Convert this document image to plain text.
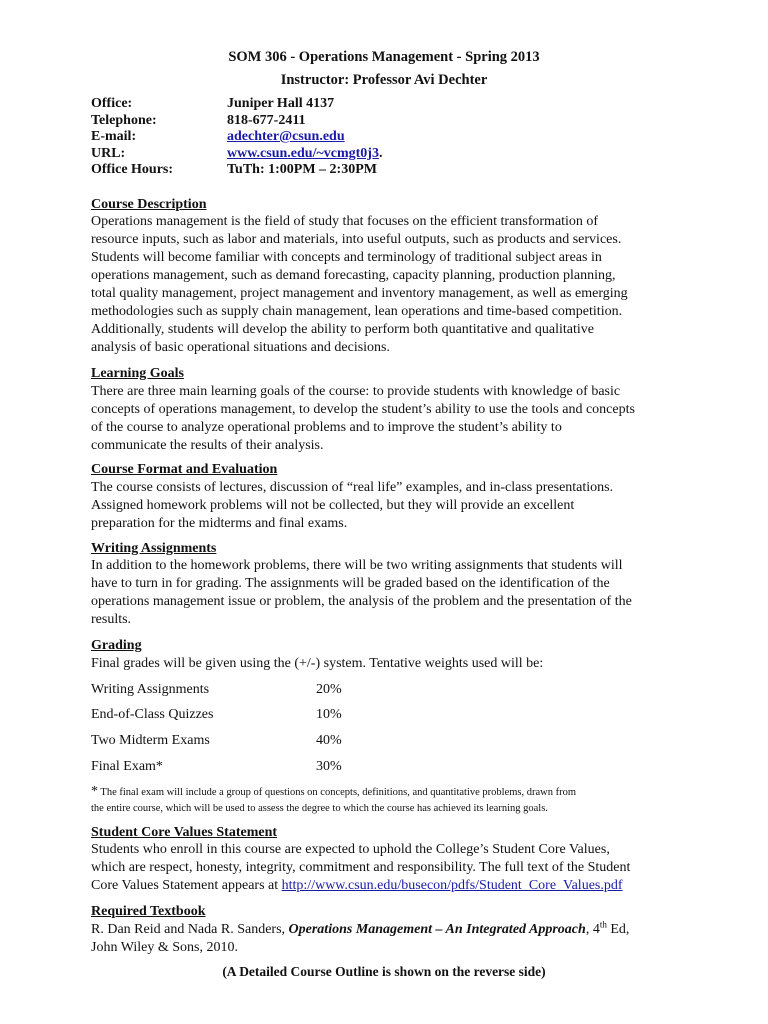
SOM 306 - Operations Management - Spring 2013
Instructor: Professor Avi Dechter
Office:	Juniper Hall 4137
Telephone:	818-677-2411
E-mail:	adechter@csun.edu
URL:	www.csun.edu/~vcmgt0j3.
Office Hours:	TuTh: 1:00PM – 2:30PM
Course Description

Operations management is the field of study that focuses on the efficient transformation of

resource inputs, such as labor and materials, into useful outputs, such as products and services.

Students will become familiar with concepts and terminology of traditional subject areas in

operations management, such as demand forecasting, capacity planning, production planning,

total quality management, project management and inventory management, as well as emerging

methodologies such as supply chain management, lean operations and time-based competition.

Additionally, students will develop the ability to perform both quantitative and qualitative

analysis of basic operational situations and decisions.

Learning Goals

There are three main learning goals of the course: to provide students with knowledge of basic

concepts of operations management, to develop the student’s ability to use the tools and concepts

of the course to analyze operational problems and to improve the student’s ability to

communicate the results of their analysis.

Course Format and Evaluation

The course consists of lectures, discussion of “real life” examples, and in-class presentations.

Assigned homework problems will not be collected, but they will provide an excellent

preparation for the midterms and final exams.

Writing Assignments

In addition to the homework problems, there will be two writing assignments that students will

have to turn in for grading. The assignments will be graded based on the identification of the

operations management issue or problem, the analysis of the problem and the presentation of the

results.

Grading

Final grades will be given using the (+/-) system. Tentative weights used will be:

Writing Assignments	20%
End-of-Class Quizzes	10%
Two Midterm Exams	40%
Final Exam*	30%

* The final exam will include a group of questions on concepts, definitions, and quantitative problems, drawn from

the entire course, which will be used to assess the degree to which the course has achieved its learning goals.

Student Core Values Statement

Students who enroll in this course are expected to uphold the College’s Student Core Values,

which are respect, honesty, integrity, commitment and responsibility. The full text of the Student

Core Values Statement appears at http://www.csun.edu/busecon/pdfs/Student_Core_Values.pdf

Required Textbook

R. Dan Reid and Nada R. Sanders, Operations Management – An Integrated Approach, 4th Ed,

John Wiley & Sons, 2010.

(A Detailed Course Outline is shown on the reverse side)
